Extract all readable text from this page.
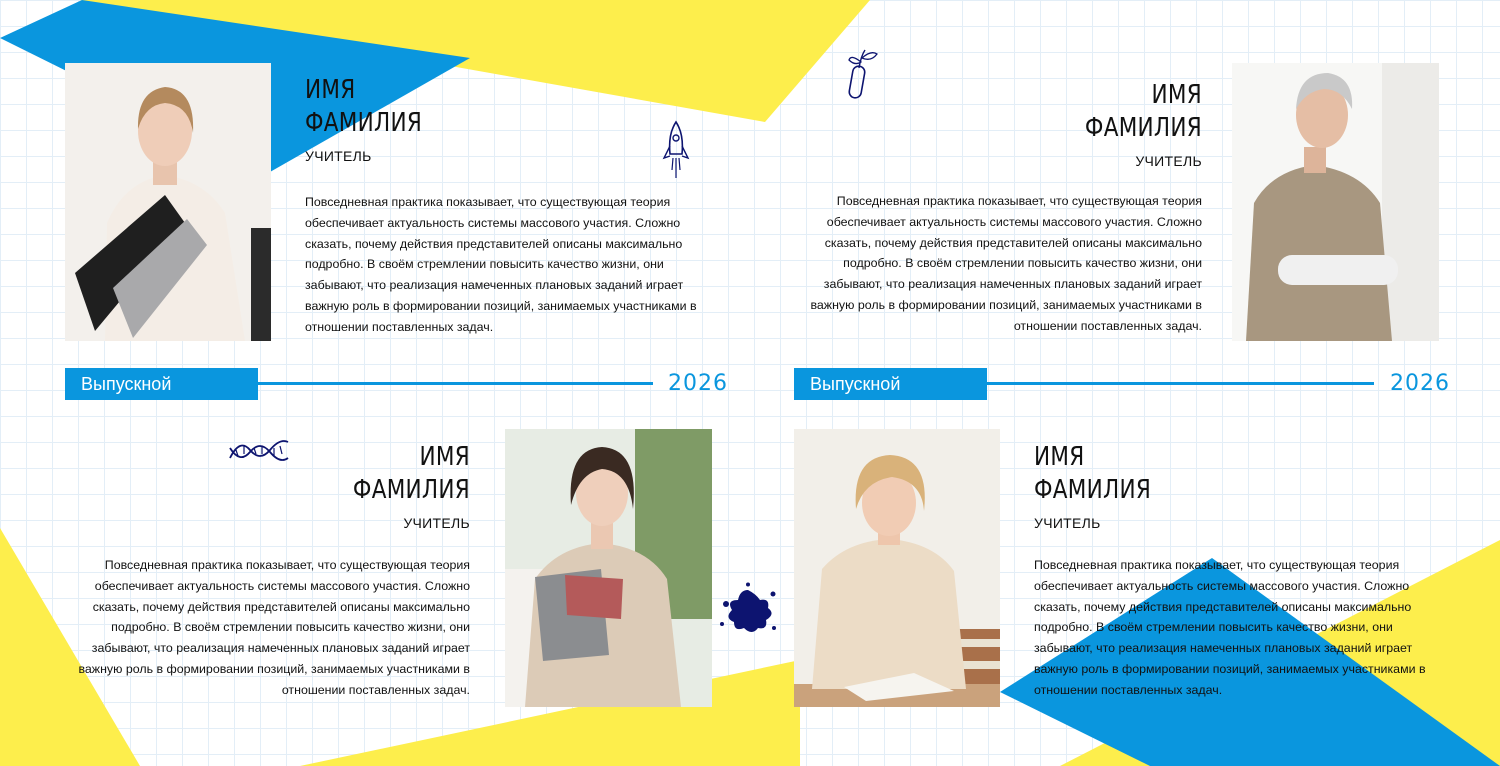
ИМЯ
ФАМИЛИЯ
УЧИТЕЛЬ
Повседневная практика показывает, что существующая теория
обеспечивает актуальность системы массового участия. Сложно
сказать, почему действия представителей описаны максимально
подробно. В своём стремлении повысить качество жизни, они
забывают, что реализация намеченных плановых заданий играет
важную роль в формировании позиций, занимаемых участниками в
отношении поставленных задач.
ИМЯ
ФАМИЛИЯ
УЧИТЕЛЬ
Повседневная практика показывает, что существующая теория
обеспечивает актуальность системы массового участия. Сложно
сказать, почему действия представителей описаны максимально
подробно. В своём стремлении повысить качество жизни, они
забывают, что реализация намеченных плановых заданий играет
важную роль в формировании позиций, занимаемых участниками в
отношении поставленных задач.
ИМЯ
ФАМИЛИЯ
УЧИТЕЛЬ
Повседневная практика показывает, что существующая теория
обеспечивает актуальность системы массового участия. Сложно
сказать, почему действия представителей описаны максимально
подробно. В своём стремлении повысить качество жизни, они
забывают, что реализация намеченных плановых заданий играет
важную роль в формировании позиций, занимаемых участниками в
отношении поставленных задач.
ИМЯ
ФАМИЛИЯ
УЧИТЕЛЬ
Повседневная практика показывает, что существующая теория
обеспечивает актуальность системы массового участия. Сложно
сказать, почему действия представителей описаны максимально
подробно. В своём стремлении повысить качество жизни, они
забывают, что реализация намеченных плановых заданий играет
важную роль в формировании позиций, занимаемых участниками в
отношении поставленных задач.
Выпускной	2026	Выпускной	2026
